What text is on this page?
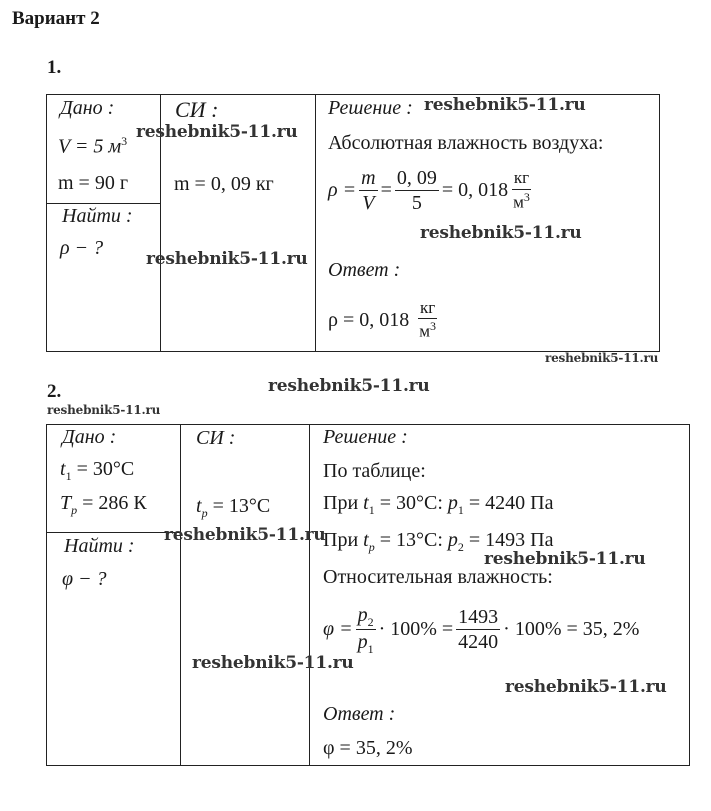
Вариант 2
1.
Дано :
V = 5 $м^3$
m = 90 г
Найти :
ρ − ?
СИ :
m = 0, 09 кг
Решение :
Абсолютная влажность воздуха:
$\rho = \frac{m}{V} = \frac{0, 09}{5} = 0$, $018 \frac{кг}{м^3}$
Ответ :
ρ = 0, $018 \frac{кг}{м^3}$
2.
Дано :
$t_1 = 30^\circ C$
$T_p = 286$ К
Найти :
φ − ?
СИ :
$t_p = 13^\circ C$
Решение :
По таблице:
При $t_1 = 30^\circ C$: $p_1 = 4240$ Па
При $t_p = 13^\circ C$: $p_2 = 1493$ Па
Относительная влажность:
$\varphi = \frac{p_2}{p_1} \cdot 100\% = \frac{1493}{4240} \cdot 100\% = 35$, 2%
Ответ :
φ = 35, 2%
reshebnik5-11.ru
reshebnik5-11.ru
reshebnik5-11.ru
reshebnik5-11.ru
reshebnik5-11.ru
reshebnik5-11.ru
reshebnik5-11.ru
reshebnik5-11.ru
reshebnik5-11.ru
reshebnik5-11.ru
reshebnik5-11.ru
